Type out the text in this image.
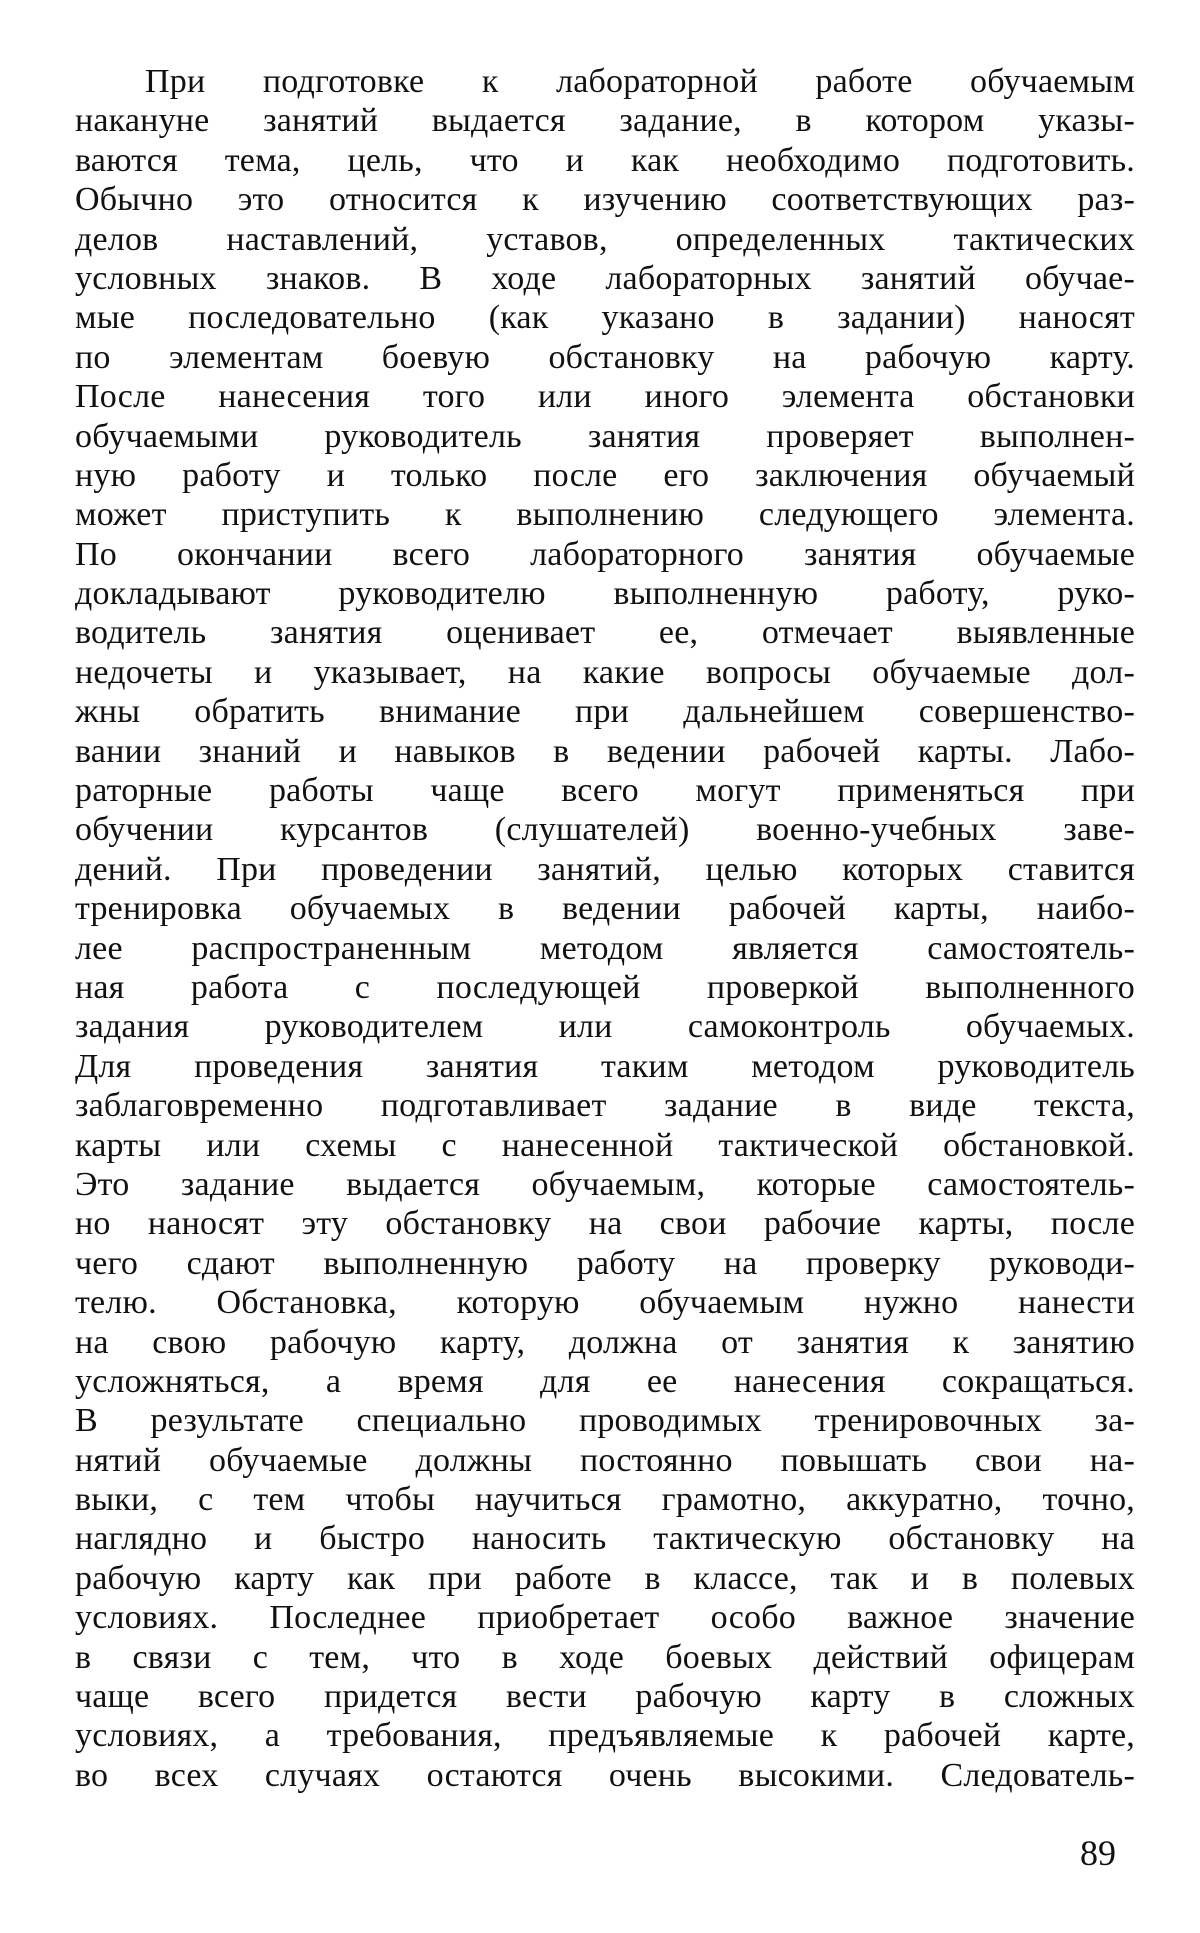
При подготовке к лабораторной работе обучаемым
накануне занятий выдается задание, в котором указы-
ваются тема, цель, что и как необходимо подготовить.
Обычно это относится к изучению соответствующих раз-
делов наставлений, уставов, определенных тактических
условных знаков. В ходе лабораторных занятий обучае-
мые последовательно (как указано в задании) наносят
по элементам боевую обстановку на рабочую карту.
После нанесения того или иного элемента обстановки
обучаемыми руководитель занятия проверяет выполнен-
ную работу и только после его заключения обучаемый
может приступить к выполнению следующего элемента.
По окончании всего лабораторного занятия обучаемые
докладывают руководителю выполненную работу, руко-
водитель занятия оценивает ее, отмечает выявленные
недочеты и указывает, на какие вопросы обучаемые дол-
жны обратить внимание при дальнейшем совершенство-
вании знаний и навыков в ведении рабочей карты. Лабо-
раторные работы чаще всего могут применяться при
обучении курсантов (слушателей) военно-учебных заве-
дений. При проведении занятий, целью которых ставится
тренировка обучаемых в ведении рабочей карты, наибо-
лее распространенным методом является самостоятель-
ная работа с последующей проверкой выполненного
задания руководителем или самоконтроль обучаемых.
Для проведения занятия таким методом руководитель
заблаговременно подготавливает задание в виде текста,
карты или схемы с нанесенной тактической обстановкой.
Это задание выдается обучаемым, которые самостоятель-
но наносят эту обстановку на свои рабочие карты, после
чего сдают выполненную работу на проверку руководи-
телю. Обстановка, которую обучаемым нужно нанести
на свою рабочую карту, должна от занятия к занятию
усложняться, а время для ее нанесения сокращаться.
В результате специально проводимых тренировочных за-
нятий обучаемые должны постоянно повышать свои на-
выки, с тем чтобы научиться грамотно, аккуратно, точно,
наглядно и быстро наносить тактическую обстановку на
рабочую карту как при работе в классе, так и в полевых
условиях. Последнее приобретает особо важное значение
в связи с тем, что в ходе боевых действий офицерам
чаще всего придется вести рабочую карту в сложных
условиях, а требования, предъявляемые к рабочей карте,
во всех случаях остаются очень высокими. Следователь-
89
